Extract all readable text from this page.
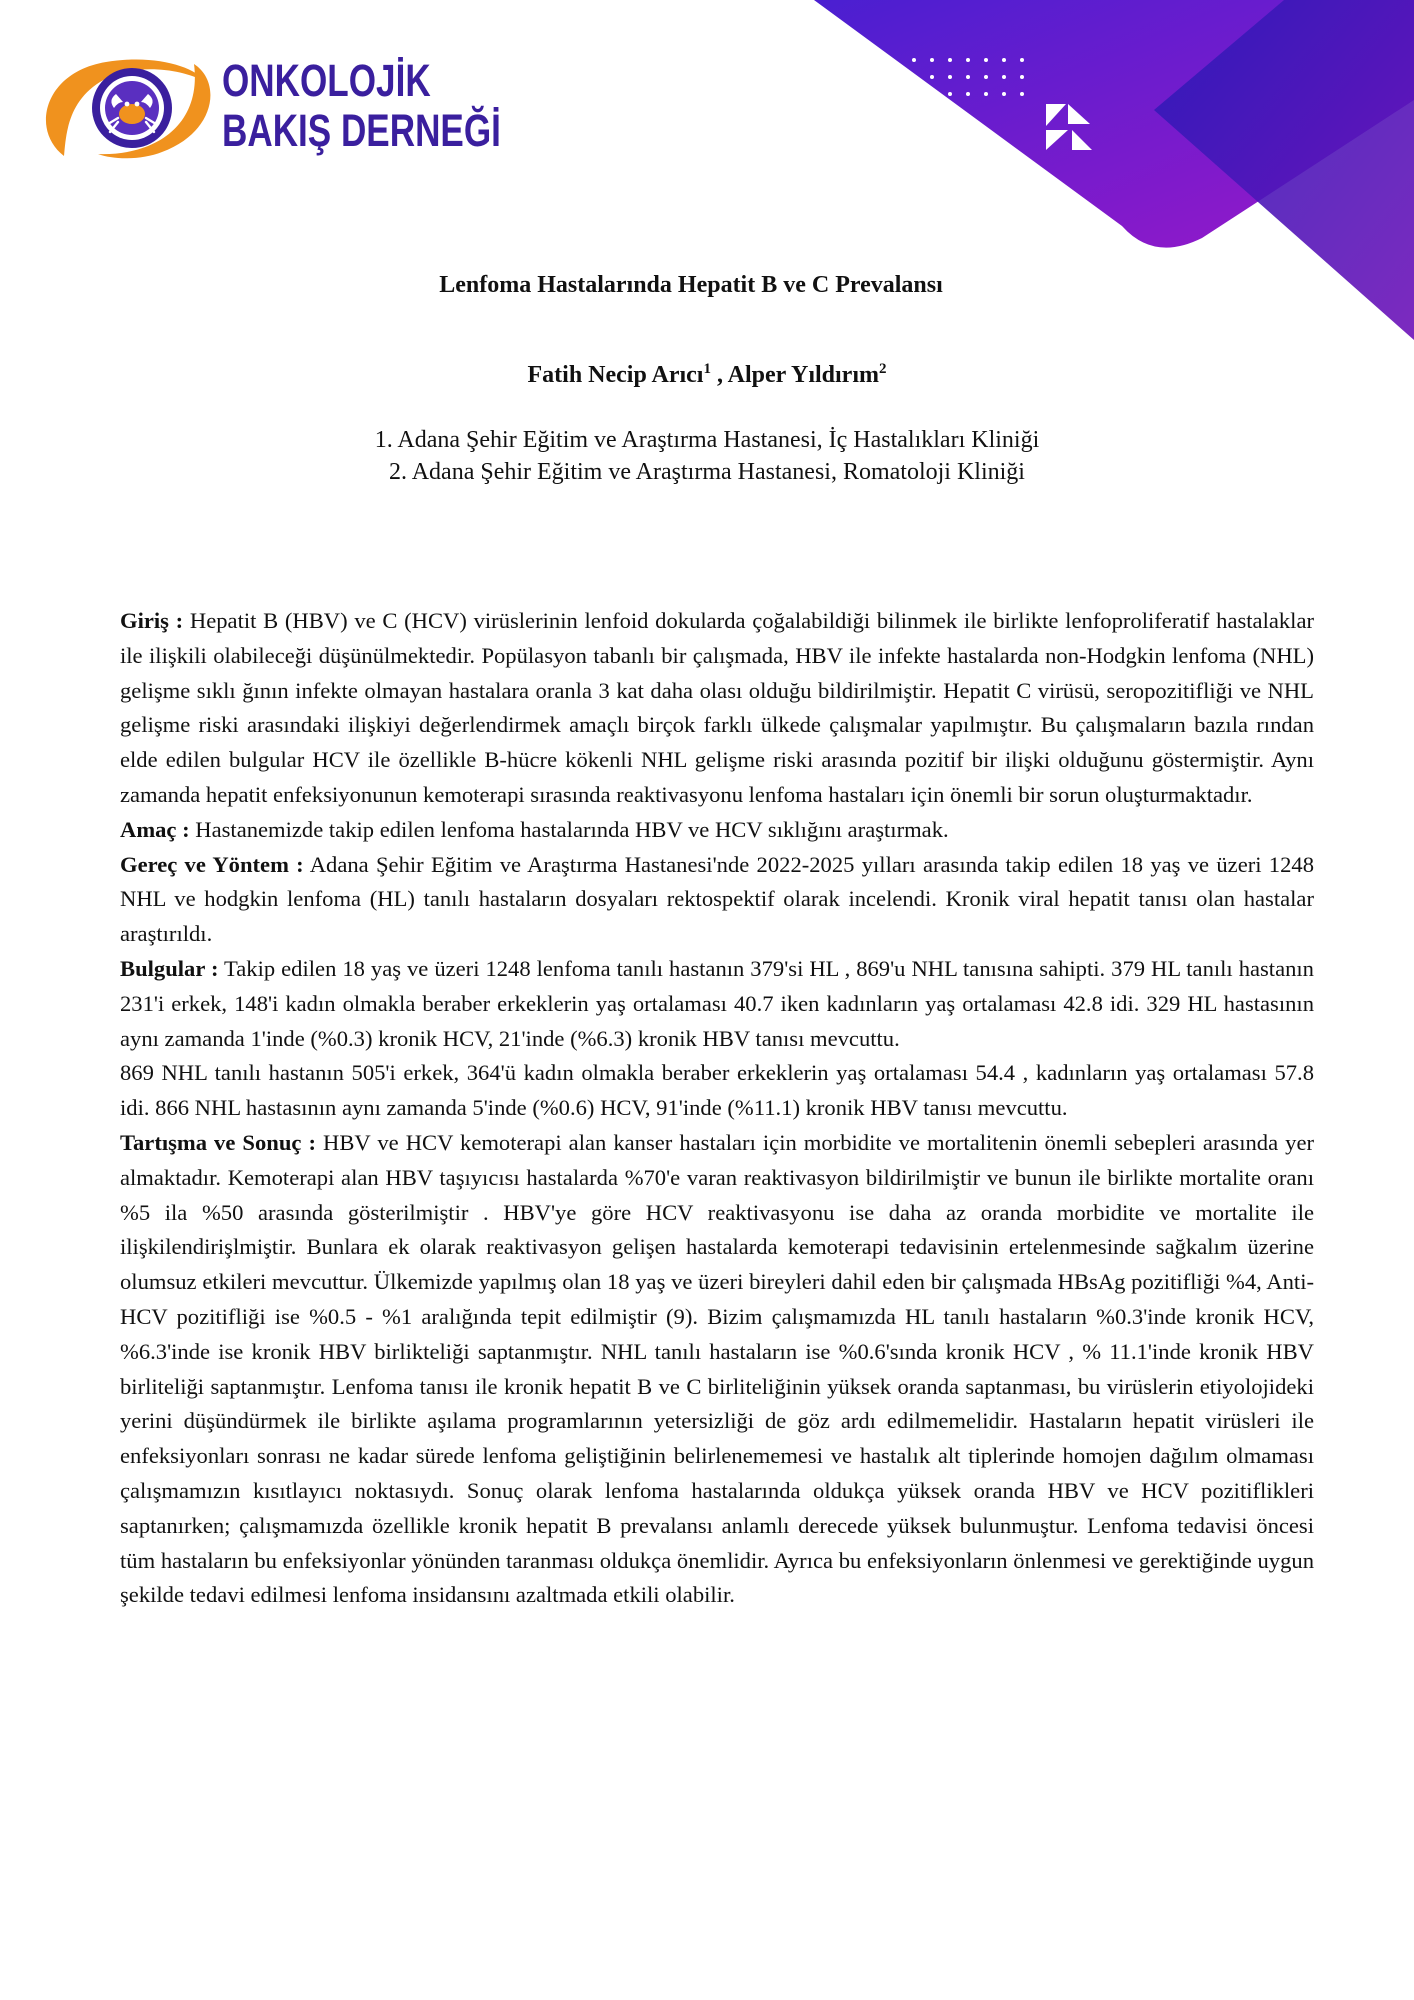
ONKOLOJİK
BAKIŞ DERNEĞİ
Lenfoma Hastalarında Hepatit B ve C Prevalansı
Fatih Necip Arıcı$^1$ , Alper Yıldırım$^2$
1. Adana Şehir Eğitim ve Araştırma Hastanesi, İç Hastalıkları Kliniği
2. Adana Şehir Eğitim ve Araştırma Hastanesi, Romatoloji Kliniği

Giriş : Hepatit B (HBV) ve C (HCV) virüslerinin lenfoid dokularda çoğalabildiği bilinmek ile birlikte lenfoproliferatif hastalaklar ile ilişkili olabileceği düşünülmektedir. Popülasyon tabanlı bir çalışmada, HBV ile infekte hastalarda non-Hodgkin lenfoma (NHL) gelişme sıklı ğının infekte olmayan hastalara oranla 3 kat daha olası olduğu bildirilmiştir. Hepatit C virüsü, seropozitifliği ve NHL gelişme riski arasındaki ilişkiyi değerlendirmek amaçlı birçok farklı ülkede çalışmalar yapılmıştır. Bu çalışmaların bazıla rından elde edilen bulgular HCV ile özellikle B-hücre kökenli NHL gelişme riski arasında pozitif bir ilişki olduğunu göstermiştir. Aynı zamanda hepatit enfeksiyonunun kemoterapi sırasında reaktivasyonu lenfoma hastaları için önemli bir sorun oluşturmaktadır.

Amaç : Hastanemizde takip edilen lenfoma hastalarında HBV ve HCV sıklığını araştırmak.

Gereç ve Yöntem : Adana Şehir Eğitim ve Araştırma Hastanesi'nde 2022-2025 yılları arasında takip edilen 18 yaş ve üzeri 1248 NHL ve hodgkin lenfoma (HL) tanılı hastaların dosyaları rektospektif olarak incelendi. Kronik viral hepatit tanısı olan hastalar araştırıldı.

Bulgular : Takip edilen 18 yaş ve üzeri 1248 lenfoma tanılı hastanın 379'si HL , 869'u NHL tanısına sahipti. 379 HL tanılı hastanın 231'i erkek, 148'i kadın olmakla beraber erkeklerin yaş ortalaması 40.7 iken kadınların yaş ortalaması 42.8 idi. 329 HL hastasının aynı zamanda 1'inde (%0.3) kronik HCV, 21'inde (%6.3) kronik HBV tanısı mevcuttu.

869 NHL tanılı hastanın 505'i erkek, 364'ü kadın olmakla beraber erkeklerin yaş ortalaması 54.4 , kadınların yaş ortalaması 57.8 idi. 866 NHL hastasının aynı zamanda 5'inde (%0.6) HCV, 91'inde (%11.1) kronik HBV tanısı mevcuttu.

Tartışma ve Sonuç : HBV ve HCV kemoterapi alan kanser hastaları için morbidite ve mortalitenin önemli sebepleri arasında yer almaktadır. Kemoterapi alan HBV taşıyıcısı hastalarda %70'e varan reaktivasyon bildirilmiştir ve bunun ile birlikte mortalite oranı %5 ila %50 arasında gösterilmiştir . HBV'ye göre HCV reaktivasyonu ise daha az oranda morbidite ve mortalite ile ilişkilendirişlmiştir. Bunlara ek olarak reaktivasyon gelişen hastalarda kemoterapi tedavisinin ertelenmesinde sağkalım üzerine olumsuz etkileri mevcuttur. Ülkemizde yapılmış olan 18 yaş ve üzeri bireyleri dahil eden bir çalışmada HBsAg pozitifliği %4, Anti-HCV pozitifliği ise %0.5 - %1 aralığında tepit edilmiştir (9). Bizim çalışmamızda HL tanılı hastaların %0.3'inde kronik HCV, %6.3'inde ise kronik HBV birlikteliği saptanmıştır. NHL tanılı hastaların ise %0.6'sında kronik HCV , % 11.1'inde kronik HBV birliteliği saptanmıştır. Lenfoma tanısı ile kronik hepatit B ve C birliteliğinin yüksek oranda saptanması, bu virüslerin etiyolojideki yerini düşündürmek ile birlikte aşılama programlarının yetersizliği de göz ardı edilmemelidir. Hastaların hepatit virüsleri ile enfeksiyonları sonrası ne kadar sürede lenfoma geliştiğinin belirlenememesi ve hastalık alt tiplerinde homojen dağılım olmaması çalışmamızın kısıtlayıcı noktasıydı. Sonuç olarak lenfoma hastalarında oldukça yüksek oranda HBV ve HCV pozitiflikleri saptanırken; çalışmamızda özellikle kronik hepatit B prevalansı anlamlı derecede yüksek bulunmuştur. Lenfoma tedavisi öncesi tüm hastaların bu enfeksiyonlar yönünden taranması oldukça önemlidir. Ayrıca bu enfeksiyonların önlenmesi ve gerektiğinde uygun şekilde tedavi edilmesi lenfoma insidansını azaltmada etkili olabilir.
